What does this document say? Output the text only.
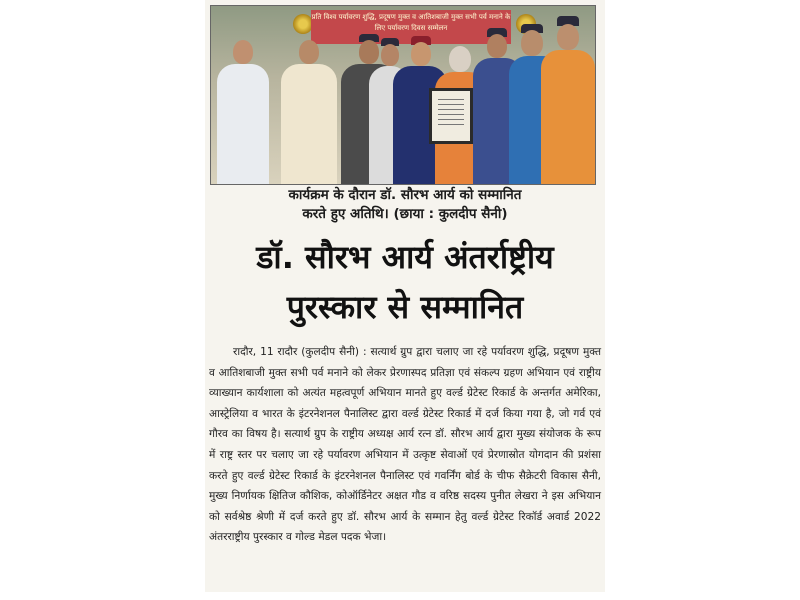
प्रति विश्व पर्यावरण शुद्धि, प्रदूषण मुक्त व आतिशबाजी मुक्त सभी पर्व मनाने के लिए पर्यावरण दिवस सम्मेलन
कार्यक्रम के दौरान डॉ. सौरभ आर्य को सम्मानित
करते हुए अतिथि। (छाया : कुलदीप सैनी)
डॉ. सौरभ आर्य अंतर्राष्ट्रीय
पुरस्कार से सम्मानित
रादौर, 11 रादौर (कुलदीप सैनी) : सत्यार्थ ग्रुप द्वारा चलाए जा रहे पर्यावरण शुद्धि, प्रदूषण मुक्त व आतिशबाजी मुक्त सभी पर्व मनाने को लेकर प्रेरणास्पद प्रतिज्ञा एवं संकल्प ग्रहण अभियान एवं राष्ट्रीय व्याख्यान कार्यशाला को अत्यंत महत्वपूर्ण अभियान मानते हुए वर्ल्ड ग्रेटेस्ट रिकार्ड के अन्तर्गत अमेरिका, आस्ट्रेलिया व भारत के इंटरनेशनल पैनालिस्ट द्वारा वर्ल्ड ग्रेटेस्ट रिकार्ड में दर्ज किया गया है, जो गर्व एवं गौरव का विषय है। सत्यार्थ ग्रुप के राष्ट्रीय अध्यक्ष आर्य रत्न डॉ. सौरभ आर्य द्वारा मुख्य संयोजक के रूप में राष्ट्र स्तर पर चलाए जा रहे पर्यावरण अभियान में उत्कृष्ट सेवाओं एवं प्रेरणास्रोत योगदान की प्रशंसा करते हुए वर्ल्ड ग्रेटेस्ट रिकार्ड के इंटरनेशनल पैनालिस्ट एवं गवर्निंग बोर्ड के चीफ सैक्रेटरी विकास सैनी, मुख्य निर्णायक क्षितिज कौशिक, कोऑर्डिनेटर अक्षत गौड व वरिष्ठ सदस्य पुनीत लेखरा ने इस अभियान को सर्वश्रेष्ठ श्रेणी में दर्ज करते हुए डॉ. सौरभ आर्य के सम्मान हेतु वर्ल्ड ग्रेटेस्ट रिकॉर्ड अवार्ड 2022 अंतरराष्ट्रीय पुरस्कार व गोल्ड मेडल पदक भेजा।
